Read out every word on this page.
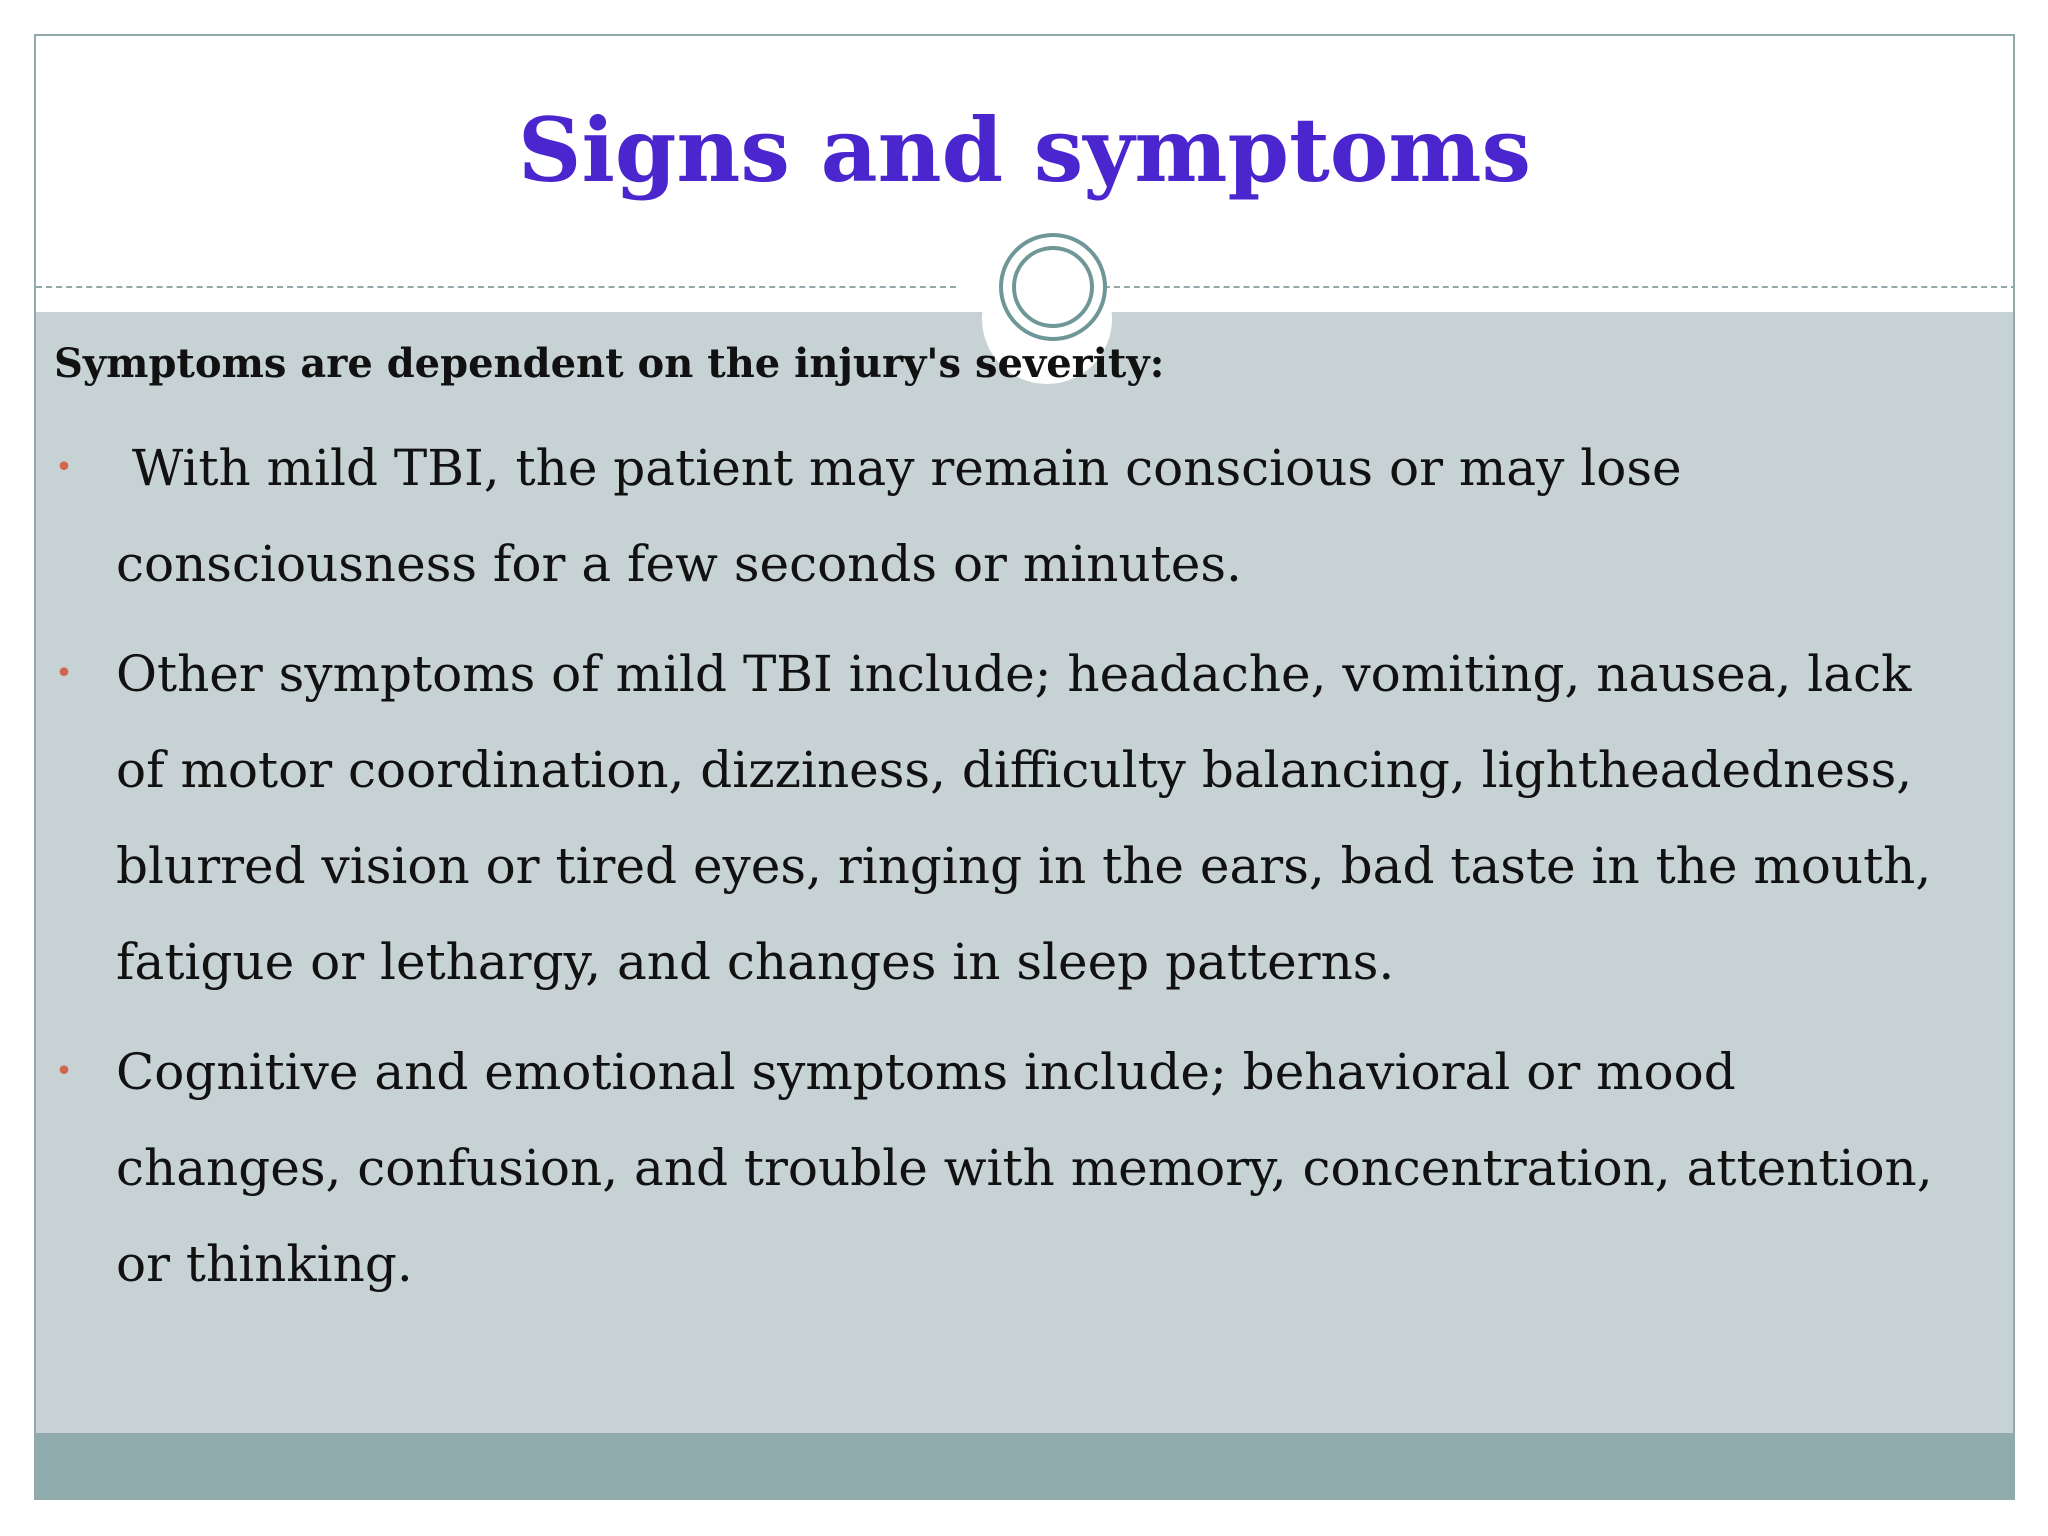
Signs and symptoms

Symptoms are dependent on the injury's severity:

• With mild TBI, the patient may remain conscious or may lose consciousness for a few seconds or minutes.
• Other symptoms of mild TBI include; headache, vomiting, nausea, lack of motor coordination, dizziness, difficulty balancing, lightheadedness, blurred vision or tired eyes, ringing in the ears, bad taste in the mouth, fatigue or lethargy, and changes in sleep patterns.
• Cognitive and emotional symptoms include; behavioral or mood changes, confusion, and trouble with memory, concentration, attention, or thinking.
